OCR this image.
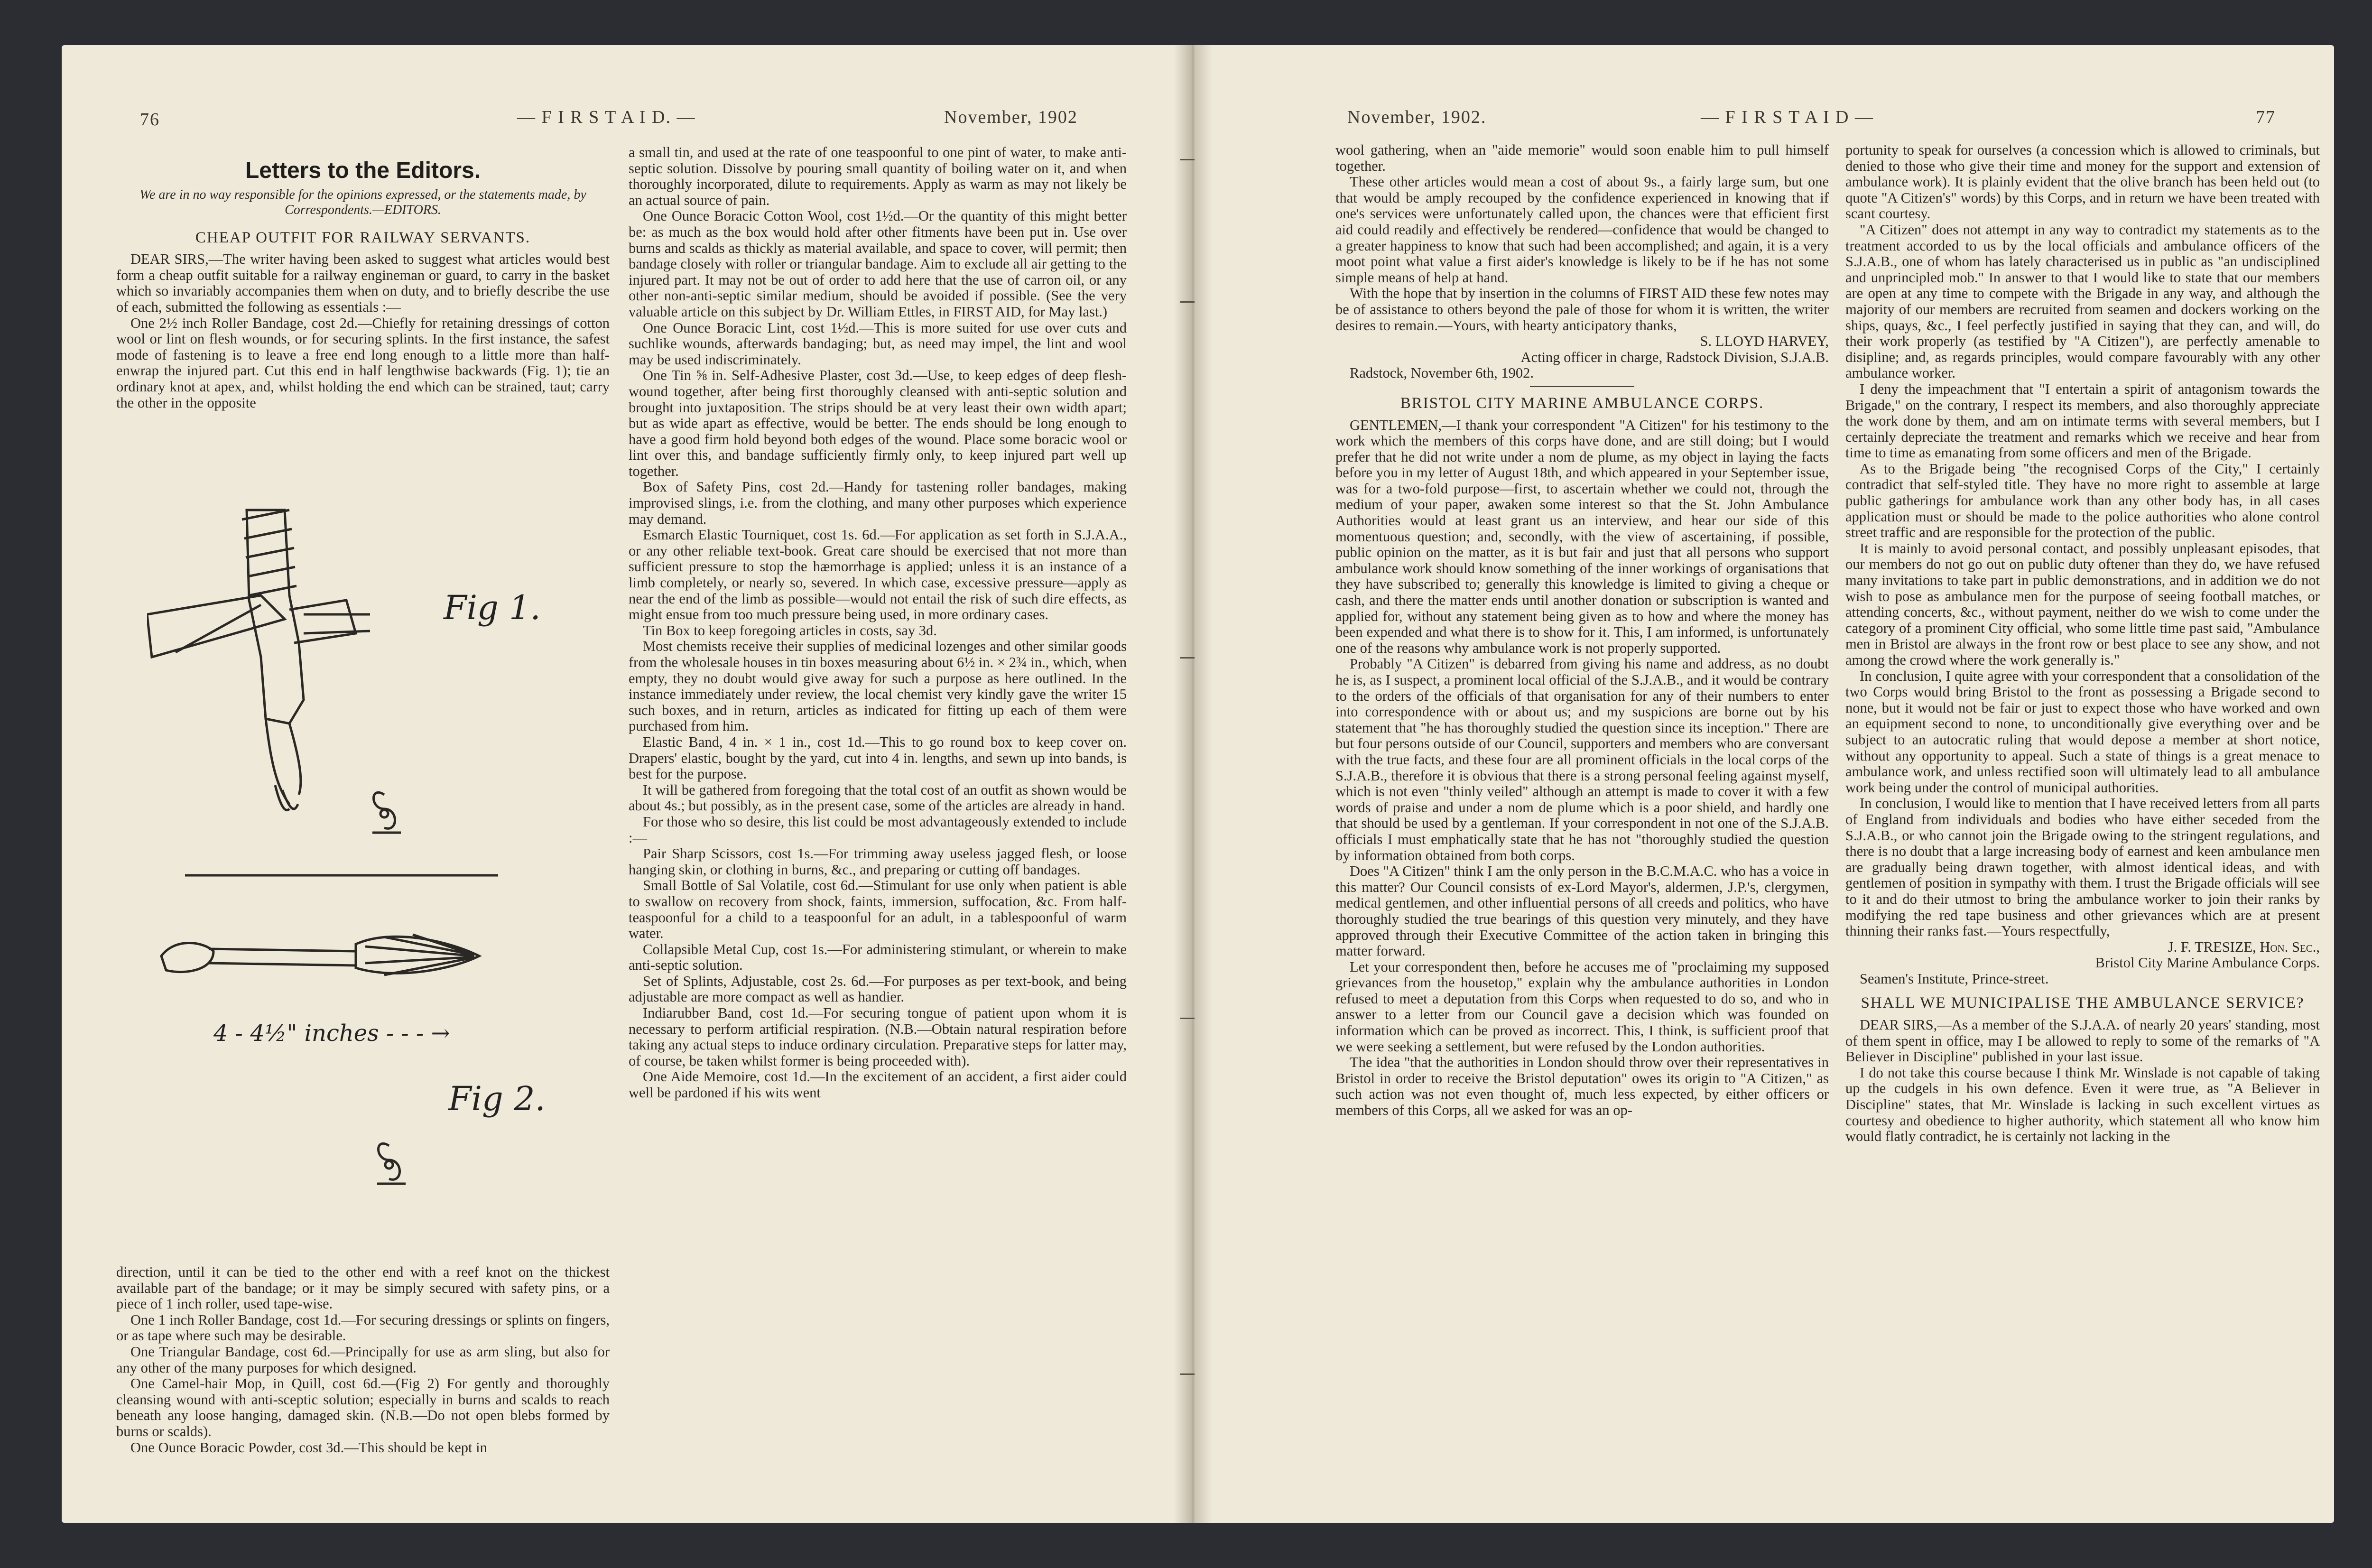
76	— F I R S T A I D. —	November, 1902
Letters to the Editors.
We are in no way responsible for the opinions expressed, or the statements made, by Correspondents.—EDITORS.
CHEAP OUTFIT FOR RAILWAY SERVANTS.

DEAR SIRS,—The writer having been asked to suggest what articles would best form a cheap outfit suitable for a railway engineman or guard, to carry in the basket which so invariably accompanies them when on duty, and to briefly describe the use of each, submitted the following as essentials :—

One 2½ inch Roller Bandage, cost 2d.—Chiefly for retaining dressings of cotton wool or lint on flesh wounds, or for securing splints. In the first instance, the safest mode of fastening is to leave a free end long enough to a little more than half-enwrap the injured part. Cut this end in half lengthwise backwards (Fig. 1); tie an ordinary knot at apex, and, whilst holding the end which can be strained, taut; carry the other in the opposite

Fig 1.
Fig 2.
4 - 4½" inches - - - →

direction, until it can be tied to the other end with a reef knot on the thickest available part of the bandage; or it may be simply secured with safety pins, or a piece of 1 inch roller, used tape-wise.

One 1 inch Roller Bandage, cost 1d.—For securing dressings or splints on fingers, or as tape where such may be desirable.

One Triangular Bandage, cost 6d.—Principally for use as arm sling, but also for any other of the many purposes for which designed.

One Camel-hair Mop, in Quill, cost 6d.—(Fig 2) For gently and thoroughly cleansing wound with anti-sceptic solution; especially in burns and scalds to reach beneath any loose hanging, damaged skin. (N.B.—Do not open blebs formed by burns or scalds).

One Ounce Boracic Powder, cost 3d.—This should be kept in

a small tin, and used at the rate of one teaspoonful to one pint of water, to make anti-septic solution. Dissolve by pouring small quantity of boiling water on it, and when thoroughly incorporated, dilute to requirements. Apply as warm as may not likely be an actual source of pain.

One Ounce Boracic Cotton Wool, cost 1½d.—Or the quantity of this might better be: as much as the box would hold after other fitments have been put in. Use over burns and scalds as thickly as material available, and space to cover, will permit; then bandage closely with roller or triangular bandage. Aim to exclude all air getting to the injured part. It may not be out of order to add here that the use of carron oil, or any other non-anti-septic similar medium, should be avoided if possible. (See the very valuable article on this subject by Dr. William Ettles, in FIRST AID, for May last.)

One Ounce Boracic Lint, cost 1½d.—This is more suited for use over cuts and suchlike wounds, afterwards bandaging; but, as need may impel, the lint and wool may be used indiscriminately.

One Tin ⅝ in. Self-Adhesive Plaster, cost 3d.—Use, to keep edges of deep flesh-wound together, after being first thoroughly cleansed with anti-septic solution and brought into juxtaposition. The strips should be at very least their own width apart; but as wide apart as effective, would be better. The ends should be long enough to have a good firm hold beyond both edges of the wound. Place some boracic wool or lint over this, and bandage sufficiently firmly only, to keep injured part well up together.

Box of Safety Pins, cost 2d.—Handy for tastening roller bandages, making improvised slings, i.e. from the clothing, and many other purposes which experience may demand.

Esmarch Elastic Tourniquet, cost 1s. 6d.—For application as set forth in S.J.A.A., or any other reliable text-book. Great care should be exercised that not more than sufficient pressure to stop the hæmorrhage is applied; unless it is an instance of a limb completely, or nearly so, severed. In which case, excessive pressure—apply as near the end of the limb as possible—would not entail the risk of such dire effects, as might ensue from too much pressure being used, in more ordinary cases.

Tin Box to keep foregoing articles in costs, say 3d.

Most chemists receive their supplies of medicinal lozenges and other similar goods from the wholesale houses in tin boxes measuring about 6½ in. × 2¾ in., which, when empty, they no doubt would give away for such a purpose as here outlined. In the instance immediately under review, the local chemist very kindly gave the writer 15 such boxes, and in return, articles as indicated for fitting up each of them were purchased from him.

Elastic Band, 4 in. × 1 in., cost 1d.—This to go round box to keep cover on. Drapers' elastic, bought by the yard, cut into 4 in. lengths, and sewn up into bands, is best for the purpose.

It will be gathered from foregoing that the total cost of an outfit as shown would be about 4s.; but possibly, as in the present case, some of the articles are already in hand.

For those who so desire, this list could be most advantageously extended to include :—

Pair Sharp Scissors, cost 1s.—For trimming away useless jagged flesh, or loose hanging skin, or clothing in burns, &c., and preparing or cutting off bandages.

Small Bottle of Sal Volatile, cost 6d.—Stimulant for use only when patient is able to swallow on recovery from shock, faints, immersion, suffocation, &c. From half-teaspoonful for a child to a teaspoonful for an adult, in a tablespoonful of warm water.

Collapsible Metal Cup, cost 1s.—For administering stimulant, or wherein to make anti-septic solution.

Set of Splints, Adjustable, cost 2s. 6d.—For purposes as per text-book, and being adjustable are more compact as well as handier.

Indiarubber Band, cost 1d.—For securing tongue of patient upon whom it is necessary to perform artificial respiration. (N.B.—Obtain natural respiration before taking any actual steps to induce ordinary circulation. Preparative steps for latter may, of course, be taken whilst former is being proceeded with).

One Aide Memoire, cost 1d.—In the excitement of an accident, a first aider could well be pardoned if his wits went

November, 1902.	— F I R S T A I D —	77

wool gathering, when an "aide memorie" would soon enable him to pull himself together.

These other articles would mean a cost of about 9s., a fairly large sum, but one that would be amply recouped by the confidence experienced in knowing that if one's services were unfortunately called upon, the chances were that efficient first aid could readily and effectively be rendered—confidence that would be changed to a greater happiness to know that such had been accomplished; and again, it is a very moot point what value a first aider's knowledge is likely to be if he has not some simple means of help at hand.

With the hope that by insertion in the columns of FIRST AID these few notes may be of assistance to others beyond the pale of those for whom it is written, the writer desires to remain.—Yours, with hearty anticipatory thanks,

S. LLOYD HARVEY,

Acting officer in charge, Radstock Division, S.J.A.B.

Radstock, November 6th, 1902.

BRISTOL CITY MARINE AMBULANCE CORPS.

GENTLEMEN,—I thank your correspondent "A Citizen" for his testimony to the work which the members of this corps have done, and are still doing; but I would prefer that he did not write under a nom de plume, as my object in laying the facts before you in my letter of August 18th, and which appeared in your September issue, was for a two-fold purpose—first, to ascertain whether we could not, through the medium of your paper, awaken some interest so that the St. John Ambulance Authorities would at least grant us an interview, and hear our side of this momentuous question; and, secondly, with the view of ascertaining, if possible, public opinion on the matter, as it is but fair and just that all persons who support ambulance work should know something of the inner workings of organisations that they have subscribed to; generally this knowledge is limited to giving a cheque or cash, and there the matter ends until another donation or subscription is wanted and applied for, without any statement being given as to how and where the money has been expended and what there is to show for it. This, I am informed, is unfortunately one of the reasons why ambulance work is not properly supported.

Probably "A Citizen" is debarred from giving his name and address, as no doubt he is, as I suspect, a prominent local official of the S.J.A.B., and it would be contrary to the orders of the officials of that organisation for any of their numbers to enter into correspondence with or about us; and my suspicions are borne out by his statement that "he has thoroughly studied the question since its inception." There are but four persons outside of our Council, supporters and members who are conversant with the true facts, and these four are all prominent officials in the local corps of the S.J.A.B., therefore it is obvious that there is a strong personal feeling against myself, which is not even "thinly veiled" although an attempt is made to cover it with a few words of praise and under a nom de plume which is a poor shield, and hardly one that should be used by a gentleman. If your correspondent in not one of the S.J.A.B. officials I must emphatically state that he has not "thoroughly studied the question by information obtained from both corps.

Does "A Citizen" think I am the only person in the B.C.M.A.C. who has a voice in this matter? Our Council consists of ex-Lord Mayor's, aldermen, J.P.'s, clergymen, medical gentlemen, and other influential persons of all creeds and politics, who have thoroughly studied the true bearings of this question very minutely, and they have approved through their Executive Committee of the action taken in bringing this matter forward.

Let your correspondent then, before he accuses me of "proclaiming my supposed grievances from the housetop," explain why the ambulance authorities in London refused to meet a deputation from this Corps when requested to do so, and who in answer to a letter from our Council gave a decision which was founded on information which can be proved as incorrect. This, I think, is sufficient proof that we were seeking a settlement, but were refused by the London authorities.

The idea "that the authorities in London should throw over their representatives in Bristol in order to receive the Bristol deputation" owes its origin to "A Citizen," as such action was not even thought of, much less expected, by either officers or members of this Corps, all we asked for was an op-

portunity to speak for ourselves (a concession which is allowed to criminals, but denied to those who give their time and money for the support and extension of ambulance work). It is plainly evident that the olive branch has been held out (to quote "A Citizen's" words) by this Corps, and in return we have been treated with scant courtesy.

"A Citizen" does not attempt in any way to contradict my statements as to the treatment accorded to us by the local officials and ambulance officers of the S.J.A.B., one of whom has lately characterised us in public as "an undisciplined and unprincipled mob." In answer to that I would like to state that our members are open at any time to compete with the Brigade in any way, and although the majority of our members are recruited from seamen and dockers working on the ships, quays, &c., I feel perfectly justified in saying that they can, and will, do their work properly (as testified by "A Citizen"), are perfectly amenable to disipline; and, as regards principles, would compare favourably with any other ambulance worker.

I deny the impeachment that "I entertain a spirit of antagonism towards the Brigade," on the contrary, I respect its members, and also thoroughly appreciate the work done by them, and am on intimate terms with several members, but I certainly depreciate the treatment and remarks which we receive and hear from time to time as emanating from some officers and men of the Brigade.

As to the Brigade being "the recognised Corps of the City," I certainly contradict that self-styled title. They have no more right to assemble at large public gatherings for ambulance work than any other body has, in all cases application must or should be made to the police authorities who alone control street traffic and are responsible for the protection of the public.

It is mainly to avoid personal contact, and possibly unpleasant episodes, that our members do not go out on public duty oftener than they do, we have refused many invitations to take part in public demonstrations, and in addition we do not wish to pose as ambulance men for the purpose of seeing football matches, or attending concerts, &c., without payment, neither do we wish to come under the category of a prominent City official, who some little time past said, "Ambulance men in Bristol are always in the front row or best place to see any show, and not among the crowd where the work generally is."

In conclusion, I quite agree with your correspondent that a consolidation of the two Corps would bring Bristol to the front as possessing a Brigade second to none, but it would not be fair or just to expect those who have worked and own an equipment second to none, to unconditionally give everything over and be subject to an autocratic ruling that would depose a member at short notice, without any opportunity to appeal. Such a state of things is a great menace to ambulance work, and unless rectified soon will ultimately lead to all ambulance work being under the control of municipal authorities.

In conclusion, I would like to mention that I have received letters from all parts of England from individuals and bodies who have either seceded from the S.J.A.B., or who cannot join the Brigade owing to the stringent regulations, and there is no doubt that a large increasing body of earnest and keen ambulance men are gradually being drawn together, with almost identical ideas, and with gentlemen of position in sympathy with them. I trust the Brigade officials will see to it and do their utmost to bring the ambulance worker to join their ranks by modifying the red tape business and other grievances which are at present thinning their ranks fast.—Yours respectfully,

J. F. TRESIZE, Hon. Sec.,

Bristol City Marine Ambulance Corps.

Seamen's Institute, Prince-street.

SHALL WE MUNICIPALISE THE AMBULANCE SERVICE?

DEAR SIRS,—As a member of the S.J.A.A. of nearly 20 years' standing, most of them spent in office, may I be allowed to reply to some of the remarks of "A Believer in Discipline" published in your last issue.

I do not take this course because I think Mr. Winslade is not capable of taking up the cudgels in his own defence. Even it were true, as "A Believer in Discipline" states, that Mr. Winslade is lacking in such excellent virtues as courtesy and obedience to higher authority, which statement all who know him would flatly contradict, he is certainly not lacking in the
